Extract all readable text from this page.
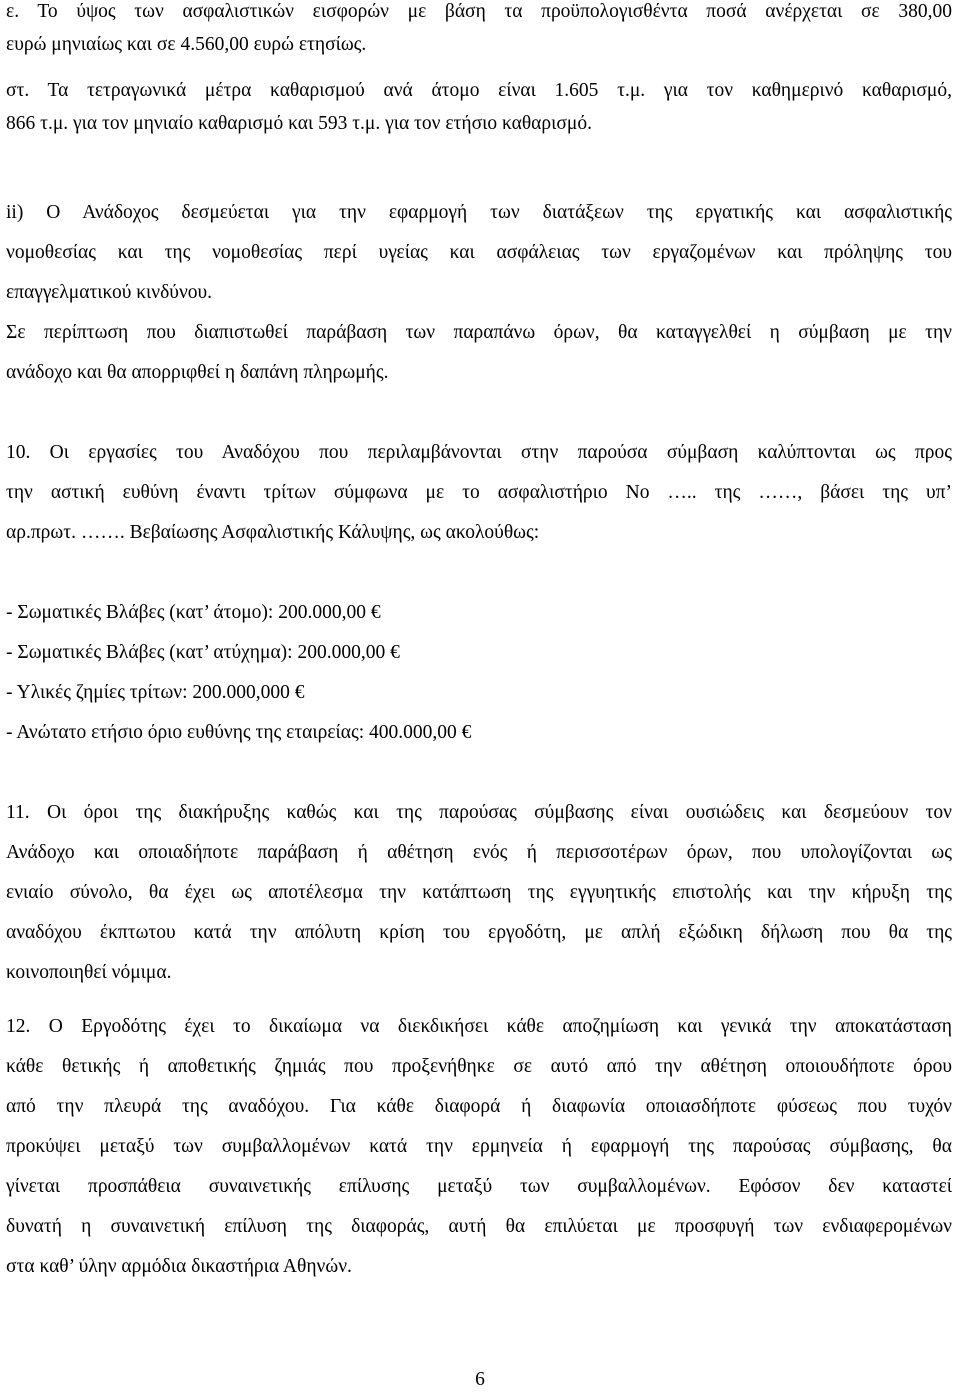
ε. Το ύψος των ασφαλιστικών εισφορών με βάση τα προϋπολογισθέντα ποσά ανέρχεται σε 380,00
ευρώ μηνιαίως και σε 4.560,00 ευρώ ετησίως.
στ. Τα τετραγωνικά μέτρα καθαρισμού ανά άτομο είναι 1.605 τ.μ. για τον καθημερινό καθαρισμό,
866 τ.μ. για τον μηνιαίο καθαρισμό και 593 τ.μ. για τον ετήσιο καθαρισμό.
ii) Ο Ανάδοχος δεσμεύεται για την εφαρμογή των διατάξεων της εργατικής και ασφαλιστικής
νομοθεσίας και της νομοθεσίας περί υγείας και ασφάλειας των εργαζομένων και πρόληψης του
επαγγελματικού κινδύνου.
Σε περίπτωση που διαπιστωθεί παράβαση των παραπάνω όρων, θα καταγγελθεί η σύμβαση με την
ανάδοχο και θα απορριφθεί η δαπάνη πληρωμής.
10. Οι εργασίες του Αναδόχου που περιλαμβάνονται στην παρούσα σύμβαση καλύπτονται ως προς
την αστική ευθύνη έναντι τρίτων σύμφωνα με το ασφαλιστήριο Νο ….. της ……, βάσει της υπ’
αρ.πρωτ. ……. Βεβαίωσης Ασφαλιστικής Κάλυψης, ως ακολούθως:
- Σωματικές Βλάβες (κατ’ άτομο): 200.000,00 €
- Σωματικές Βλάβες (κατ’ ατύχημα): 200.000,00 €
- Υλικές ζημίες τρίτων: 200.000,000 €
- Ανώτατο ετήσιο όριο ευθύνης της εταιρείας: 400.000,00 €
11. Οι όροι της διακήρυξης καθώς και της παρούσας σύμβασης είναι ουσιώδεις και δεσμεύουν τον
Ανάδοχο και οποιαδήποτε παράβαση ή αθέτηση ενός ή περισσοτέρων όρων, που υπολογίζονται ως
ενιαίο σύνολο, θα έχει ως αποτέλεσμα την κατάπτωση της εγγυητικής επιστολής και την κήρυξη της
αναδόχου έκπτωτου κατά την απόλυτη κρίση του εργοδότη, με απλή εξώδικη δήλωση που θα της
κοινοποιηθεί νόμιμα.
12. Ο Εργοδότης έχει το δικαίωμα να διεκδικήσει κάθε αποζημίωση και γενικά την αποκατάσταση
κάθε θετικής ή αποθετικής ζημιάς που προξενήθηκε σε αυτό από την αθέτηση οποιουδήποτε όρου
από την πλευρά της αναδόχου. Για κάθε διαφορά ή διαφωνία οποιασδήποτε φύσεως που τυχόν
προκύψει μεταξύ των συμβαλλομένων κατά την ερμηνεία ή εφαρμογή της παρούσας σύμβασης, θα
γίνεται προσπάθεια συναινετικής επίλυσης μεταξύ των συμβαλλομένων. Εφόσον δεν καταστεί
δυνατή η συναινετική επίλυση της διαφοράς, αυτή θα επιλύεται με προσφυγή των ενδιαφερομένων
στα καθ’ ύλην αρμόδια δικαστήρια Αθηνών.
6
